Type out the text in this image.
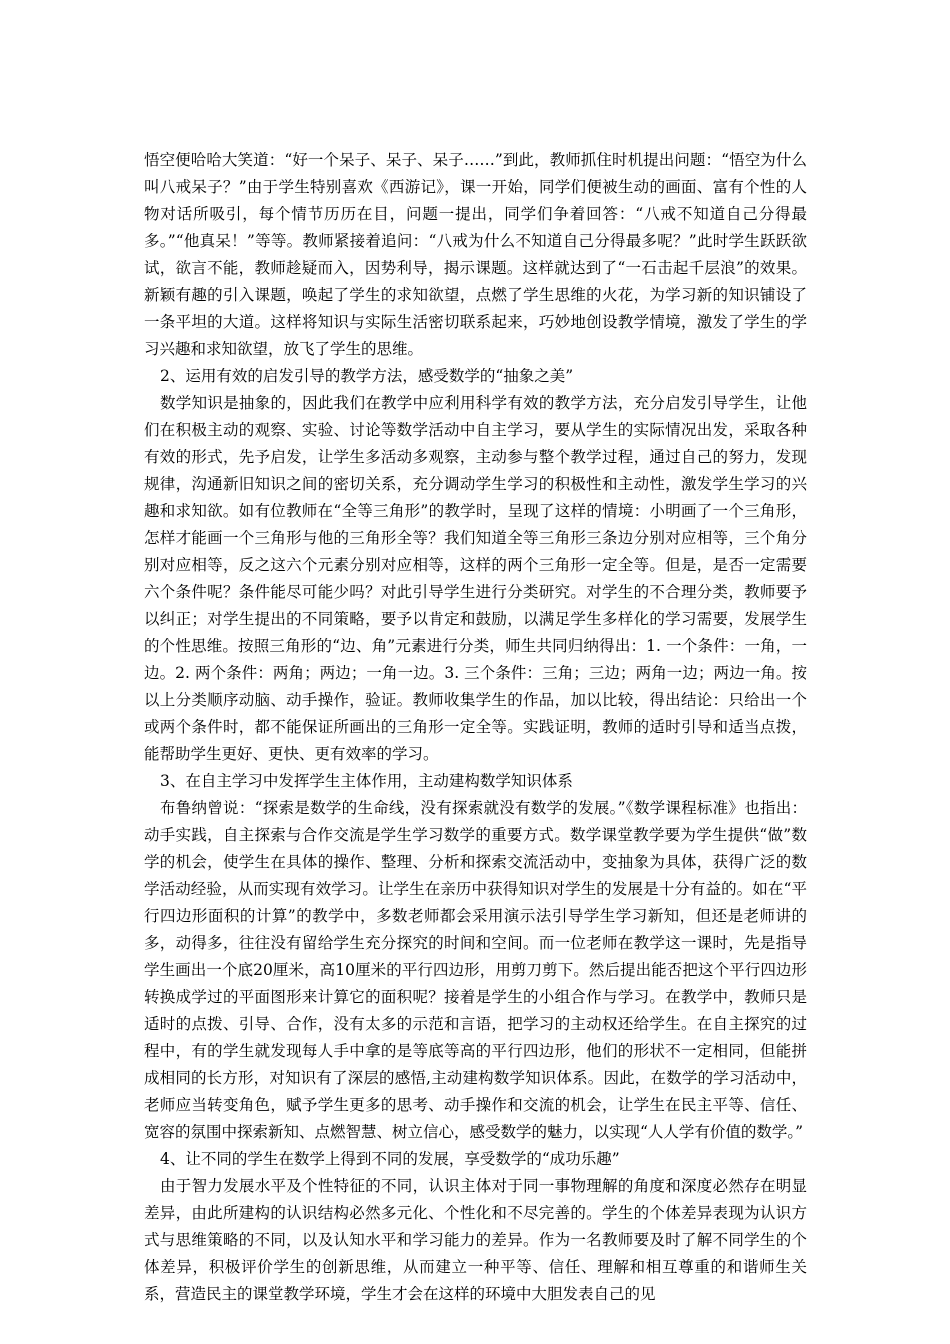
悟空便哈哈大笑道：“好一个呆子、呆子、呆子……”到此，教师抓住时机提出问题：“悟空为什么叫八戒呆子？”由于学生特别喜欢《西游记》，课一开始，同学们便被生动的画面、富有个性的人物对话所吸引，每个情节历历在目，问题一提出，同学们争着回答：“八戒不知道自己分得最多。”“他真呆！”等等。教师紧接着追问：“八戒为什么不知道自己分得最多呢？”此时学生跃跃欲试，欲言不能，教师趁疑而入，因势利导，揭示课题。这样就达到了“一石击起千层浪”的效果。新颖有趣的引入课题，唤起了学生的求知欲望，点燃了学生思维的火花，为学习新的知识铺设了一条平坦的大道。这样将知识与实际生活密切联系起来，巧妙地创设教学情境，激发了学生的学习兴趣和求知欲望，放飞了学生的思维。

2、运用有效的启发引导的教学方法，感受数学的“抽象之美”

数学知识是抽象的，因此我们在教学中应利用科学有效的教学方法，充分启发引导学生，让他们在积极主动的观察、实验、讨论等数学活动中自主学习，要从学生的实际情况出发，采取各种有效的形式，先予启发，让学生多活动多观察，主动参与整个教学过程，通过自己的努力，发现规律，沟通新旧知识之间的密切关系，充分调动学生学习的积极性和主动性，激发学生学习的兴趣和求知欲。如有位教师在“全等三角形”的教学时，呈现了这样的情境：小明画了一个三角形，怎样才能画一个三角形与他的三角形全等？我们知道全等三角形三条边分别对应相等，三个角分别对应相等，反之这六个元素分别对应相等，这样的两个三角形一定全等。但是，是否一定需要六个条件呢？条件能尽可能少吗？对此引导学生进行分类研究。对学生的不合理分类，教师要予以纠正；对学生提出的不同策略，要予以肯定和鼓励，以满足学生多样化的学习需要，发展学生的个性思维。按照三角形的“边、角”元素进行分类，师生共同归纳得出：1. 一个条件：一角，一边。2. 两个条件：两角；两边；一角一边。3. 三个条件：三角；三边；两角一边；两边一角。按以上分类顺序动脑、动手操作，验证。教师收集学生的作品，加以比较，得出结论：只给出一个或两个条件时，都不能保证所画出的三角形一定全等。实践证明，教师的适时引导和适当点拨，能帮助学生更好、更快、更有效率的学习。

3、在自主学习中发挥学生主体作用，主动建构数学知识体系

布鲁纳曾说：“探索是数学的生命线，没有探索就没有数学的发展。”《数学课程标准》也指出：动手实践，自主探索与合作交流是学生学习数学的重要方式。数学课堂教学要为学生提供“做”数学的机会，使学生在具体的操作、整理、分析和探索交流活动中，变抽象为具体，获得广泛的数学活动经验，从而实现有效学习。让学生在亲历中获得知识对学生的发展是十分有益的。如在“平行四边形面积的计算”的教学中，多数老师都会采用演示法引导学生学习新知，但还是老师讲的多，动得多，往往没有留给学生充分探究的时间和空间。而一位老师在教学这一课时，先是指导学生画出一个底20厘米，高10厘米的平行四边形，用剪刀剪下。然后提出能否把这个平行四边形转换成学过的平面图形来计算它的面积呢？接着是学生的小组合作与学习。在教学中，教师只是适时的点拨、引导、合作，没有太多的示范和言语，把学习的主动权还给学生。在自主探究的过程中，有的学生就发现每人手中拿的是等底等高的平行四边形，他们的形状不一定相同，但能拼成相同的长方形，对知识有了深层的感悟,主动建构数学知识体系。因此，在数学的学习活动中，老师应当转变角色，赋予学生更多的思考、动手操作和交流的机会，让学生在民主平等、信任、宽容的氛围中探索新知、点燃智慧、树立信心，感受数学的魅力，以实现“人人学有价值的数学。”

4、让不同的学生在数学上得到不同的发展，享受数学的“成功乐趣”

由于智力发展水平及个性特征的不同，认识主体对于同一事物理解的角度和深度必然存在明显差异，由此所建构的认识结构必然多元化、个性化和不尽完善的。学生的个体差异表现为认识方式与思维策略的不同，以及认知水平和学习能力的差异。作为一名教师要及时了解不同学生的个体差异，积极评价学生的创新思维，从而建立一种平等、信任、理解和相互尊重的和谐师生关系，营造民主的课堂教学环境，学生才会在这样的环境中大胆发表自己的见
